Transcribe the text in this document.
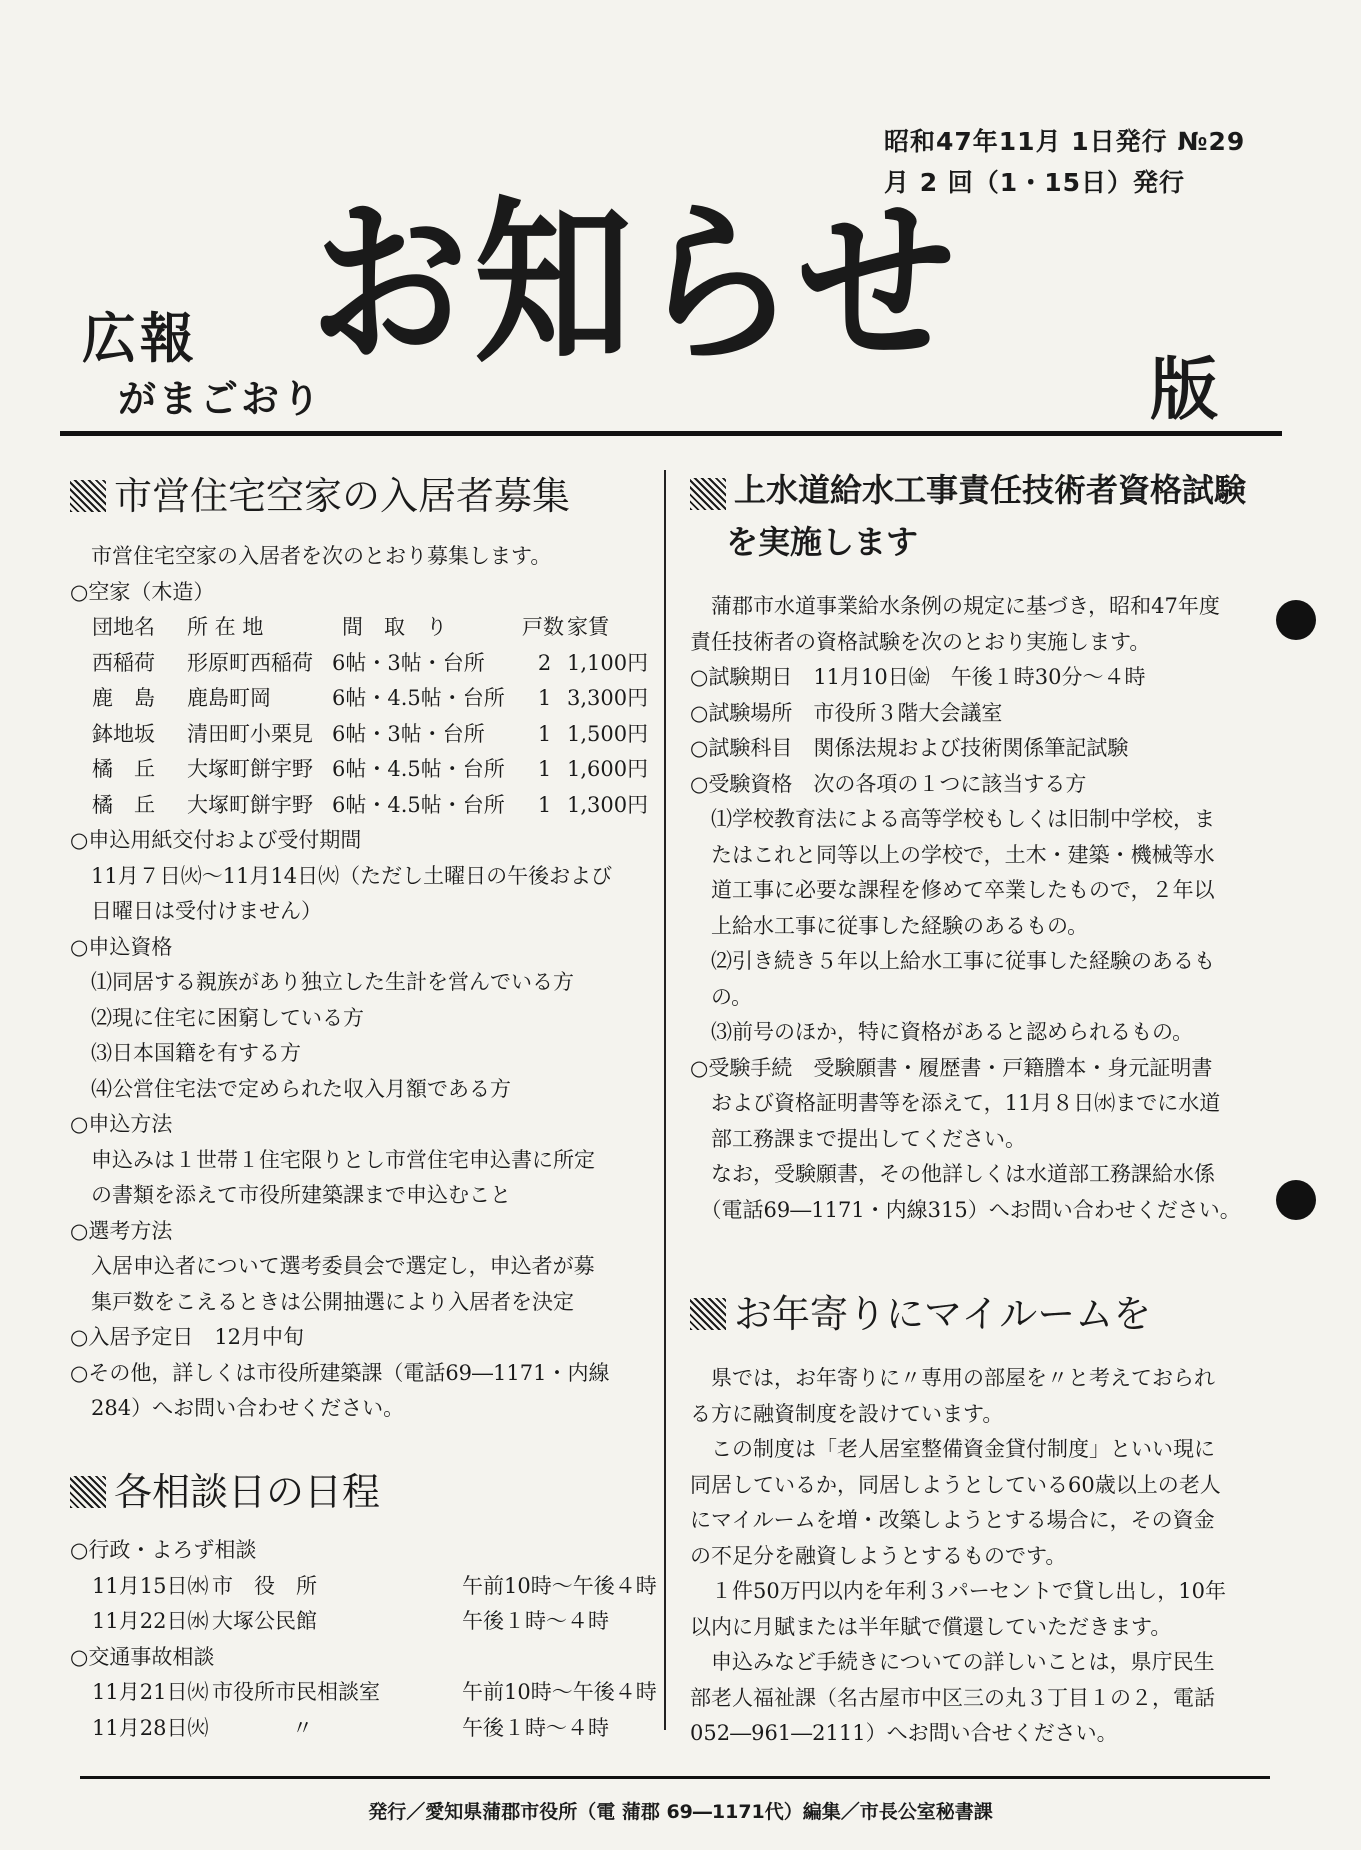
昭和47年11月 1日発行 №29
月 2 回（1・15日）発行
広報
がまごおり
お知らせ
版
市営住宅空家の入居者募集
　市営住宅空家の入居者を次のとおり募集します。
○空家（木造）
団地名	所 在 地	間　取　り	戸数 家賃
西稲荷	形原町西稲荷 6帖・3帖・台所	2 1,100円
鹿　島	鹿島町岡	6帖・4.5帖・台所	1 3,300円
鉢地坂	清田町小栗見 6帖・3帖・台所	1 1,500円
橘　丘	大塚町餅宇野 6帖・4.5帖・台所	1 1,600円
橘　丘	大塚町餅宇野 6帖・4.5帖・台所	1 1,300円
○申込用紙交付および受付期間
　11月７日㈫〜11月14日㈫（ただし土曜日の午後および
　日曜日は受付けません）
○申込資格
　⑴同居する親族があり独立した生計を営んでいる方
　⑵現に住宅に困窮している方
　⑶日本国籍を有する方
　⑷公営住宅法で定められた収入月額である方
○申込方法
　申込みは１世帯１住宅限りとし市営住宅申込書に所定
　の書類を添えて市役所建築課まで申込むこと
○選考方法
　入居申込者について選考委員会で選定し，申込者が募
　集戸数をこえるときは公開抽選により入居者を決定
○入居予定日　12月中旬
○その他，詳しくは市役所建築課（電話69―1171・内線
　284）へお問い合わせください。
各相談日の日程
○行政・よろず相談
11月15日㈬ 市　役　所	午前10時〜午後４時
11月22日㈬ 大塚公民館	午後１時〜４時
○交通事故相談
11月21日㈫ 市役所市民相談室	午前10時〜午後４時
11月28日㈫	〃	午後１時〜４時
上水道給水工事責任技術者資格試験
を実施します
　蒲郡市水道事業給水条例の規定に基づき，昭和47年度
責任技術者の資格試験を次のとおり実施します。
○試験期日　11月10日㈮　午後１時30分〜４時
○試験場所　市役所３階大会議室
○試験科目　関係法規および技術関係筆記試験
○受験資格　次の各項の１つに該当する方
　⑴学校教育法による高等学校もしくは旧制中学校，ま
　たはこれと同等以上の学校で，土木・建築・機械等水
　道工事に必要な課程を修めて卒業したもので，２年以
　上給水工事に従事した経験のあるもの。
　⑵引き続き５年以上給水工事に従事した経験のあるも
　の。
　⑶前号のほか，特に資格があると認められるもの。
○受験手続　受験願書・履歴書・戸籍謄本・身元証明書
　および資格証明書等を添えて，11月８日㈬までに水道
　部工務課まで提出してください。
　なお，受験願書，その他詳しくは水道部工務課給水係
　（電話69―1171・内線315）へお問い合わせください。
お年寄りにマイルームを
　県では，お年寄りに〃専用の部屋を〃と考えておられ
る方に融資制度を設けています。
　この制度は「老人居室整備資金貸付制度」といい現に
同居しているか，同居しようとしている60歳以上の老人
にマイルームを増・改築しようとする場合に，その資金
の不足分を融資しようとするものです。
　１件50万円以内を年利３パーセントで貸し出し，10年
以内に月賦または半年賦で償還していただきます。
　申込みなど手続きについての詳しいことは，県庁民生
部老人福祉課（名古屋市中区三の丸３丁目１の２，電話
052―961―2111）へお問い合せください。
発行／愛知県蒲郡市役所（電 蒲郡 69―1171代）編集／市長公室秘書課
